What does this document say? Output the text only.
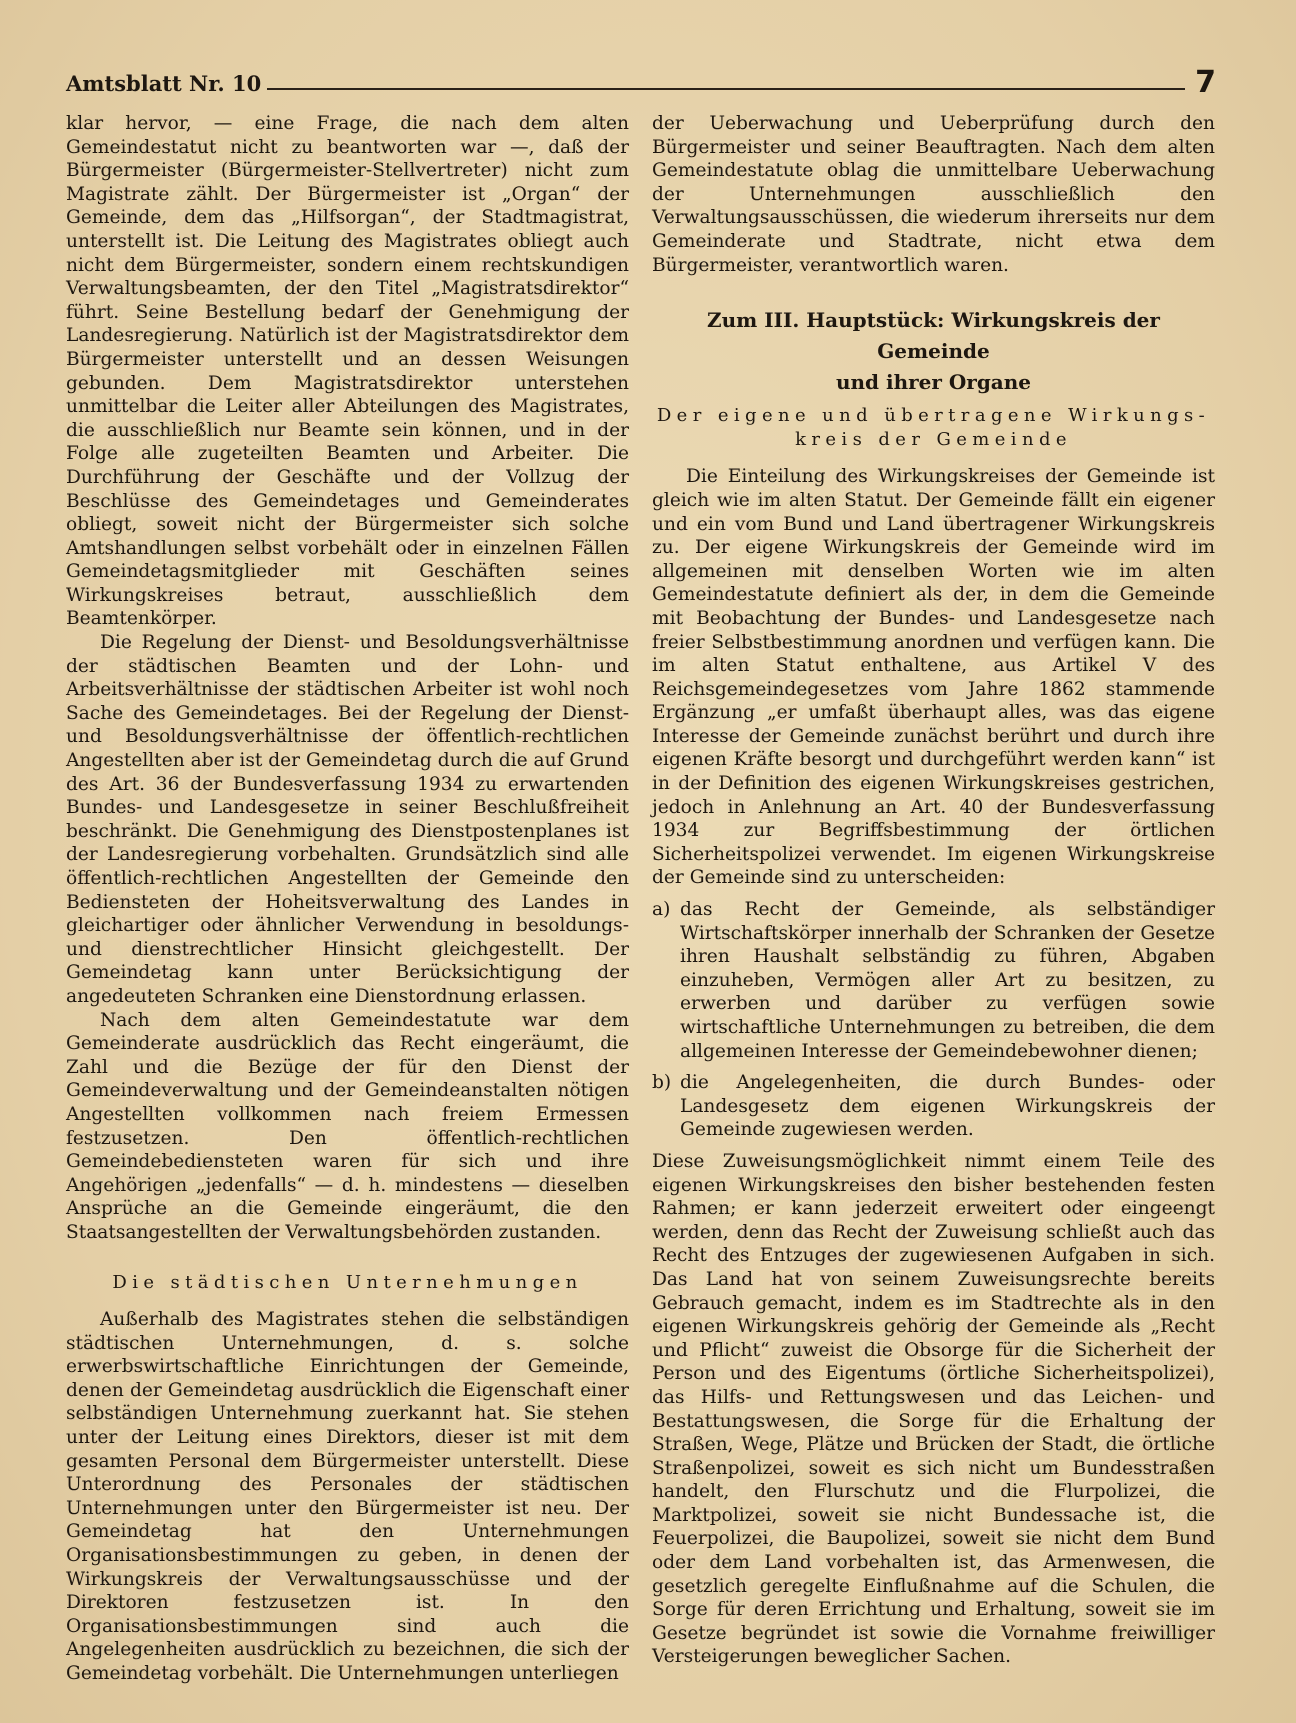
Amtsblatt Nr. 10	7

klar hervor, — eine Frage, die nach dem alten Gemeindestatut nicht zu beantworten war —, daß der Bürgermeister (Bürgermeister-Stellvertreter) nicht zum Magistrate zählt. Der Bürgermeister ist „Organ“ der Gemeinde, dem das „Hilfsorgan“, der Stadtmagistrat, unterstellt ist. Die Leitung des Magistrates obliegt auch nicht dem Bürgermeister, sondern einem rechtskundigen Verwaltungsbeamten, der den Titel „Magistratsdirektor“ führt. Seine Bestellung bedarf der Genehmigung der Landesregierung. Natürlich ist der Magistratsdirektor dem Bürgermeister unterstellt und an dessen Weisungen gebunden. Dem Magistratsdirektor unterstehen unmittelbar die Leiter aller Abteilungen des Magistrates, die ausschließlich nur Beamte sein können, und in der Folge alle zugeteilten Beamten und Arbeiter. Die Durchführung der Geschäfte und der Vollzug der Beschlüsse des Gemeindetages und Gemeinderates obliegt, soweit nicht der Bürgermeister sich solche Amtshandlungen selbst vorbehält oder in einzelnen Fällen Gemeindetagsmitglieder mit Geschäften seines Wirkungskreises betraut, ausschließlich dem Beamtenkörper.

Die Regelung der Dienst- und Besoldungsverhältnisse der städtischen Beamten und der Lohn- und Arbeitsverhältnisse der städtischen Arbeiter ist wohl noch Sache des Gemeindetages. Bei der Regelung der Dienst- und Besoldungsverhältnisse der öffentlich-rechtlichen Angestellten aber ist der Gemeindetag durch die auf Grund des Art. 36 der Bundesverfassung 1934 zu erwartenden Bundes- und Landesgesetze in seiner Beschlußfreiheit beschränkt. Die Genehmigung des Dienstpostenplanes ist der Landesregierung vorbehalten. Grundsätzlich sind alle öffentlich-rechtlichen Angestellten der Gemeinde den Bediensteten der Hoheitsverwaltung des Landes in gleichartiger oder ähnlicher Verwendung in besoldungs- und dienstrechtlicher Hinsicht gleichgestellt. Der Gemeindetag kann unter Berücksichtigung der angedeuteten Schranken eine Dienstordnung erlassen.

Nach dem alten Gemeindestatute war dem Gemeinderate ausdrücklich das Recht eingeräumt, die Zahl und die Bezüge der für den Dienst der Gemeindeverwaltung und der Gemeindeanstalten nötigen Angestellten vollkommen nach freiem Ermessen festzusetzen. Den öffentlich-rechtlichen Gemeindebediensteten waren für sich und ihre Angehörigen „jedenfalls“ — d. h. mindestens — dieselben Ansprüche an die Gemeinde eingeräumt, die den Staatsangestellten der Verwaltungsbehörden zustanden.

Die städtischen Unternehmungen

Außerhalb des Magistrates stehen die selbständigen städtischen Unternehmungen, d. s. solche erwerbswirtschaftliche Einrichtungen der Gemeinde, denen der Gemeindetag ausdrücklich die Eigenschaft einer selbständigen Unternehmung zuerkannt hat. Sie stehen unter der Leitung eines Direktors, dieser ist mit dem gesamten Personal dem Bürgermeister unterstellt. Diese Unterordnung des Personales der städtischen Unternehmungen unter den Bürgermeister ist neu. Der Gemeindetag hat den Unternehmungen Organisationsbestimmungen zu geben, in denen der Wirkungskreis der Verwaltungsausschüsse und der Direktoren festzusetzen ist. In den Organisationsbestimmungen sind auch die Angelegenheiten ausdrücklich zu bezeichnen, die sich der Gemeindetag vorbehält. Die Unternehmungen unterliegen

der Ueberwachung und Ueberprüfung durch den Bürgermeister und seiner Beauftragten. Nach dem alten Gemeindestatute oblag die unmittelbare Ueberwachung der Unternehmungen ausschließlich den Verwaltungsausschüssen, die wiederum ihrerseits nur dem Gemeinderate und Stadtrate, nicht etwa dem Bürgermeister, verantwortlich waren.

Zum III. Hauptstück: Wirkungskreis der Gemeinde
und ihrer Organe
Der eigene und übertragene Wirkungs-
kreis der Gemeinde

Die Einteilung des Wirkungskreises der Gemeinde ist gleich wie im alten Statut. Der Gemeinde fällt ein eigener und ein vom Bund und Land übertragener Wirkungskreis zu. Der eigene Wirkungskreis der Gemeinde wird im allgemeinen mit denselben Worten wie im alten Gemeindestatute definiert als der, in dem die Gemeinde mit Beobachtung der Bundes- und Landesgesetze nach freier Selbstbestimmung anordnen und verfügen kann. Die im alten Statut enthaltene, aus Artikel V des Reichsgemeindegesetzes vom Jahre 1862 stammende Ergänzung „er umfaßt überhaupt alles, was das eigene Interesse der Gemeinde zunächst berührt und durch ihre eigenen Kräfte besorgt und durchgeführt werden kann“ ist in der Definition des eigenen Wirkungskreises gestrichen, jedoch in Anlehnung an Art. 40 der Bundesverfassung 1934 zur Begriffsbestimmung der örtlichen Sicherheitspolizei verwendet. Im eigenen Wirkungskreise der Gemeinde sind zu unterscheiden:

a) das Recht der Gemeinde, als selbständiger Wirtschaftskörper innerhalb der Schranken der Gesetze ihren Haushalt selbständig zu führen, Abgaben einzuheben, Vermögen aller Art zu besitzen, zu erwerben und darüber zu verfügen sowie wirtschaftliche Unternehmungen zu betreiben, die dem allgemeinen Interesse der Gemeindebewohner dienen;
b) die Angelegenheiten, die durch Bundes- oder Landesgesetz dem eigenen Wirkungskreis der Gemeinde zugewiesen werden.

Diese Zuweisungsmöglichkeit nimmt einem Teile des eigenen Wirkungskreises den bisher bestehenden festen Rahmen; er kann jederzeit erweitert oder eingeengt werden, denn das Recht der Zuweisung schließt auch das Recht des Entzuges der zugewiesenen Aufgaben in sich. Das Land hat von seinem Zuweisungsrechte bereits Gebrauch gemacht, indem es im Stadtrechte als in den eigenen Wirkungskreis gehörig der Gemeinde als „Recht und Pflicht“ zuweist die Obsorge für die Sicherheit der Person und des Eigentums (örtliche Sicherheitspolizei), das Hilfs- und Rettungswesen und das Leichen- und Bestattungswesen, die Sorge für die Erhaltung der Straßen, Wege, Plätze und Brücken der Stadt, die örtliche Straßenpolizei, soweit es sich nicht um Bundesstraßen handelt, den Flurschutz und die Flurpolizei, die Marktpolizei, soweit sie nicht Bundessache ist, die Feuerpolizei, die Baupolizei, soweit sie nicht dem Bund oder dem Land vorbehalten ist, das Armenwesen, die gesetzlich geregelte Einflußnahme auf die Schulen, die Sorge für deren Errichtung und Erhaltung, soweit sie im Gesetze begründet ist sowie die Vornahme freiwilliger Versteigerungen beweglicher Sachen.
